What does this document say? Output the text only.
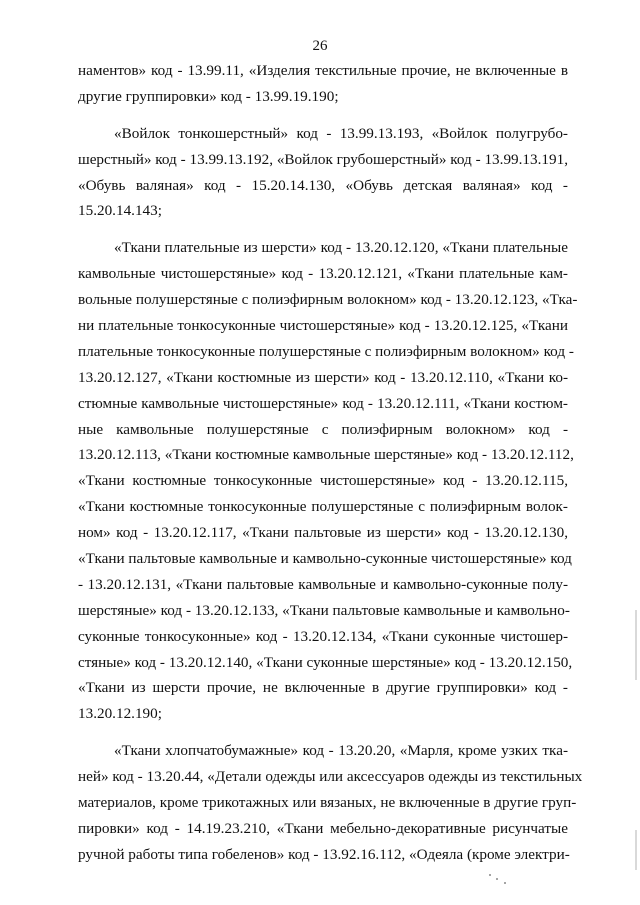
26
наментов» код - 13.99.11, «Изделия текстильные прочие, не включенные в
другие группировки» код - 13.99.19.190;
«Войлок тонкошерстный» код - 13.99.13.193, «Войлок полугрубо-
шерстный» код - 13.99.13.192, «Войлок грубошерстный» код - 13.99.13.191,
«Обувь валяная» код - 15.20.14.130, «Обувь детская валяная» код -
15.20.14.143;
«Ткани плательные из шерсти» код - 13.20.12.120, «Ткани плательные
камвольные чистошерстяные» код - 13.20.12.121, «Ткани плательные кам-
вольные полушерстяные с полиэфирным волокном» код - 13.20.12.123, «Тка-
ни плательные тонкосуконные чистошерстяные» код - 13.20.12.125, «Ткани
плательные тонкосуконные полушерстяные с полиэфирным волокном» код -
13.20.12.127, «Ткани костюмные из шерсти» код - 13.20.12.110, «Ткани ко-
стюмные камвольные чистошерстяные» код - 13.20.12.111, «Ткани костюм-
ные камвольные полушерстяные с полиэфирным волокном» код -
13.20.12.113, «Ткани костюмные камвольные шерстяные» код - 13.20.12.112,
«Ткани костюмные тонкосуконные чистошерстяные» код - 13.20.12.115,
«Ткани костюмные тонкосуконные полушерстяные с полиэфирным волок-
ном» код - 13.20.12.117, «Ткани пальтовые из шерсти» код - 13.20.12.130,
«Ткани пальтовые камвольные и камвольно-суконные чистошерстяные» код
- 13.20.12.131, «Ткани пальтовые камвольные и камвольно-суконные полу-
шерстяные» код - 13.20.12.133, «Ткани пальтовые камвольные и камвольно-
суконные тонкосуконные» код - 13.20.12.134, «Ткани суконные чистошер-
стяные» код - 13.20.12.140, «Ткани суконные шерстяные» код - 13.20.12.150,
«Ткани из шерсти прочие, не включенные в другие группировки» код -
13.20.12.190;
«Ткани хлопчатобумажные» код - 13.20.20, «Марля, кроме узких тка-
ней» код - 13.20.44, «Детали одежды или аксессуаров одежды из текстильных
материалов, кроме трикотажных или вязаных, не включенные в другие груп-
пировки» код - 14.19.23.210, «Ткани мебельно-декоративные рисунчатые
ручной работы типа гобеленов» код - 13.92.16.112, «Одеяла (кроме электри-
